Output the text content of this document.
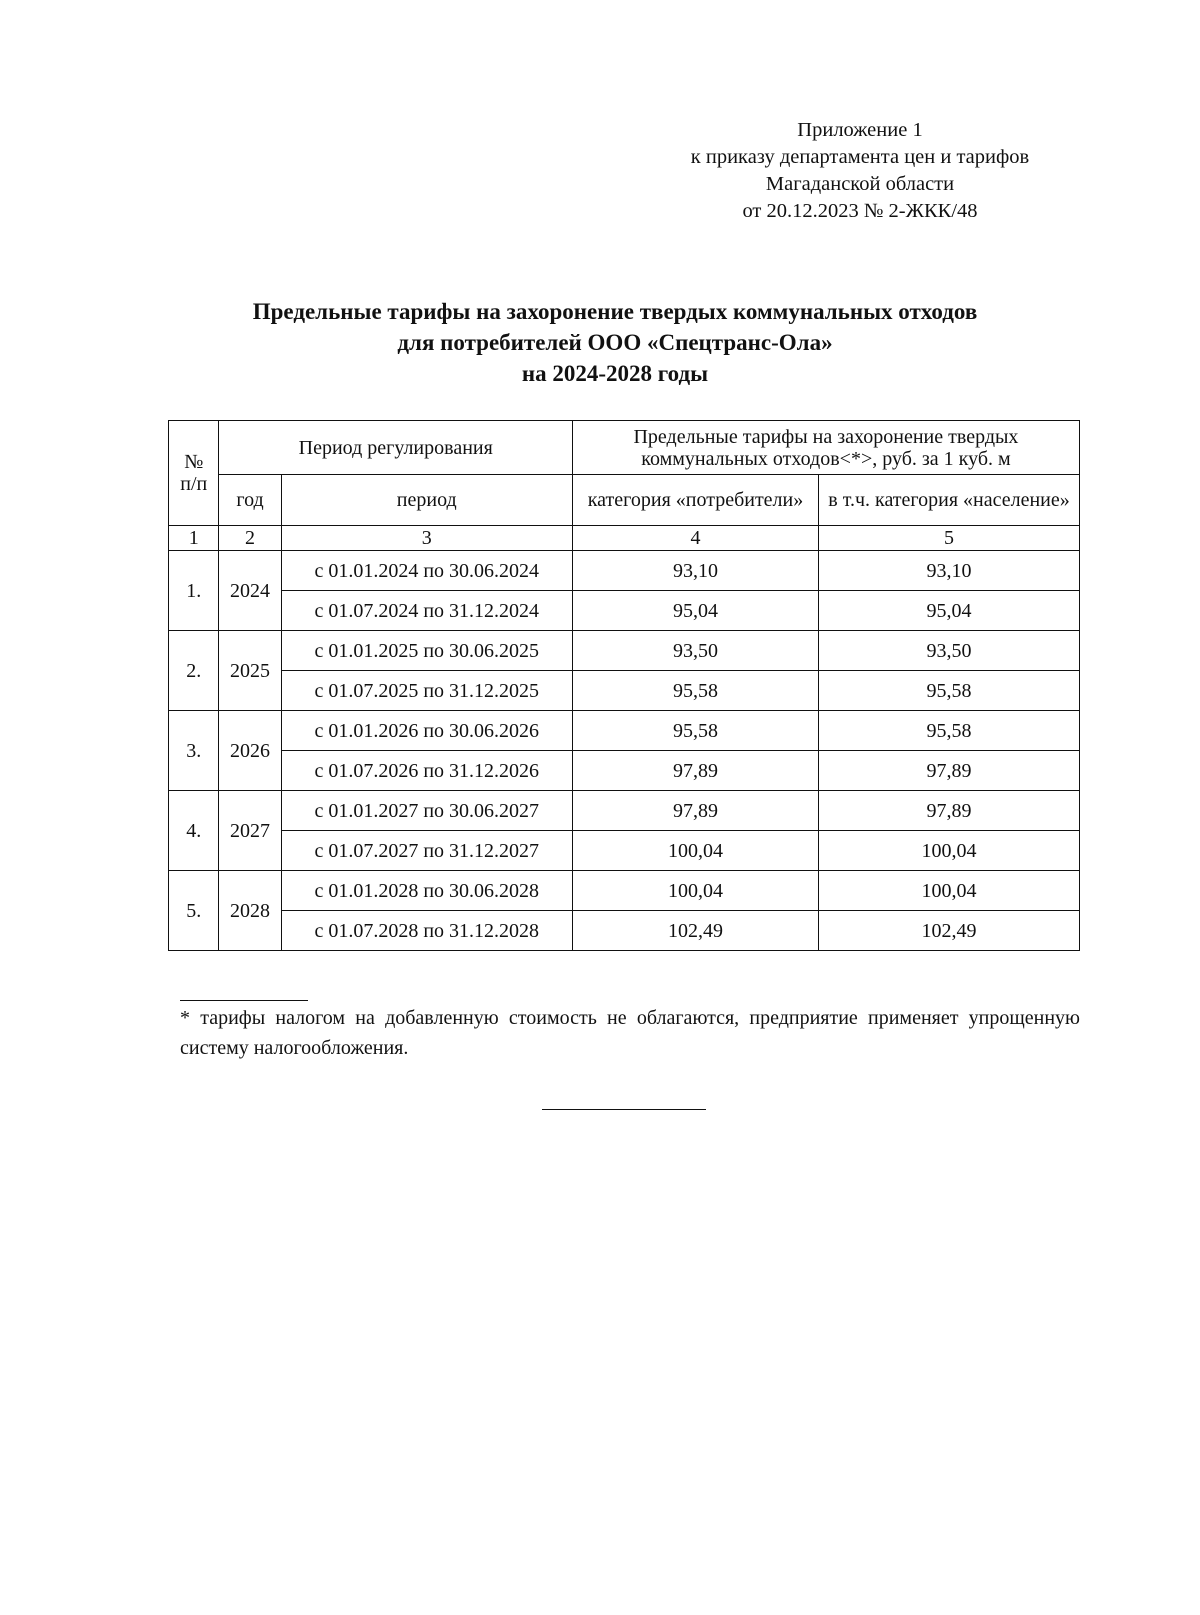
Приложение 1
к приказу департамента цен и тарифов
Магаданской области
от 20.12.2023 № 2-ЖКК/48
Предельные тарифы на захоронение твердых коммунальных отходов
для потребителей ООО «Спецтранс-Ола»
на 2024-2028 годы
№ п/п	Период регулирования		Предельные тарифы на захоронение твердых коммунальных отходов<*>, руб. за 1 куб. м	
	год	период	категория «потребители»	в т.ч. категория «население»
1	2	3	4	5
1.	2024	с 01.01.2024 по 30.06.2024	93,10	93,10
		с 01.07.2024 по 31.12.2024	95,04	95,04
2.	2025	с 01.01.2025 по 30.06.2025	93,50	93,50
		с 01.07.2025 по 31.12.2025	95,58	95,58
3.	2026	с 01.01.2026 по 30.06.2026	95,58	95,58
		с 01.07.2026 по 31.12.2026	97,89	97,89
4.	2027	с 01.01.2027 по 30.06.2027	97,89	97,89
		с 01.07.2027 по 31.12.2027	100,04	100,04
5.	2028	с 01.01.2028 по 30.06.2028	100,04	100,04
		с 01.07.2028 по 31.12.2028	102,49	102,49
* тарифы налогом на добавленную стоимость не облагаются, предприятие применяет упрощенную систему налогообложения.
